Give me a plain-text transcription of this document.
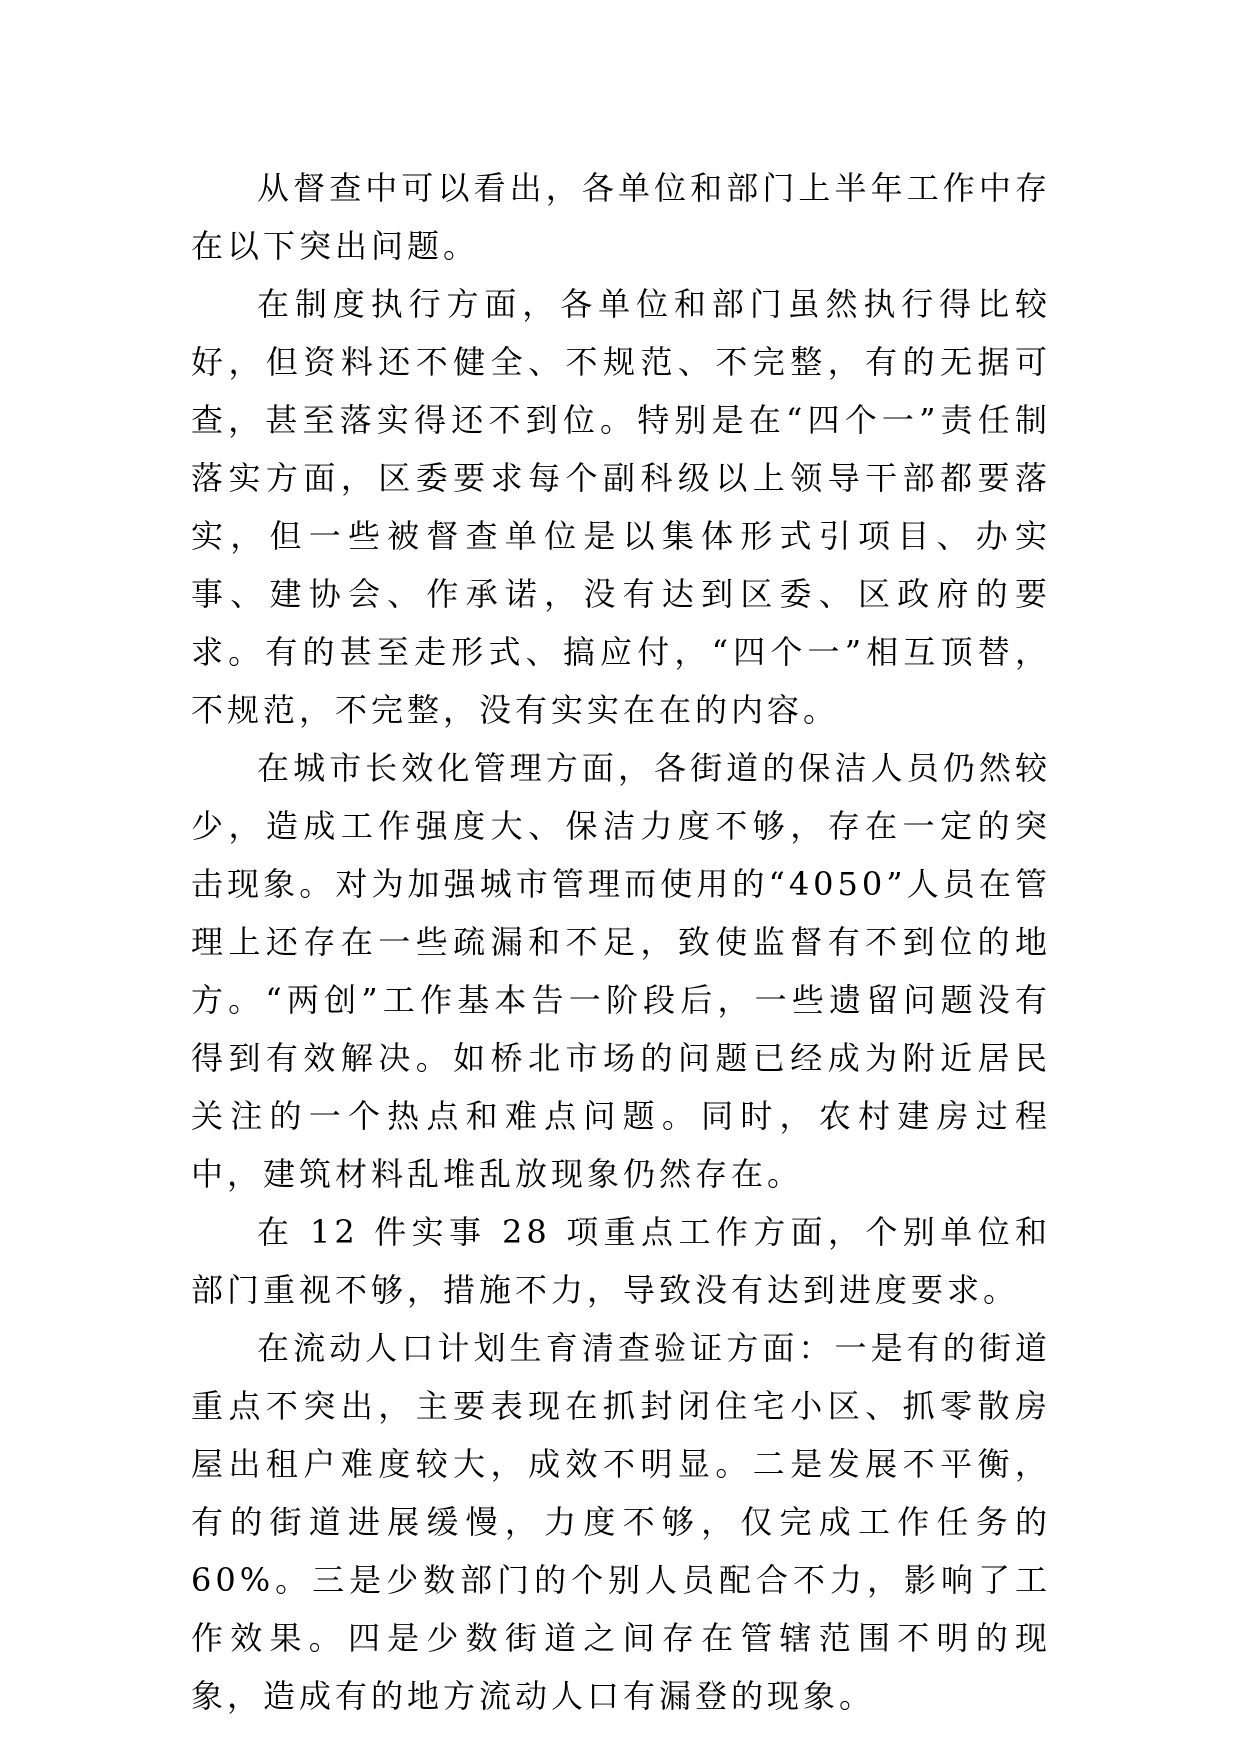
从督查中可以看出，各单位和部门上半年工作中存在以下突出问题。

在制度执行方面，各单位和部门虽然执行得比较好，但资料还不健全、不规范、不完整，有的无据可查，甚至落实得还不到位。特别是在“四个一”责任制落实方面，区委要求每个副科级以上领导干部都要落实，但一些被督查单位是以集体形式引项目、办实事、建协会、作承诺，没有达到区委、区政府的要求。有的甚至走形式、搞应付，“四个一”相互顶替，不规范，不完整，没有实实在在的内容。

在城市长效化管理方面，各街道的保洁人员仍然较少，造成工作强度大、保洁力度不够，存在一定的突击现象。对为加强城市管理而使用的“4050”人员在管理上还存在一些疏漏和不足，致使监督有不到位的地方。“两创”工作基本告一阶段后，一些遗留问题没有得到有效解决。如桥北市场的问题已经成为附近居民关注的一个热点和难点问题。同时，农村建房过程中，建筑材料乱堆乱放现象仍然存在。

在 12 件实事 28 项重点工作方面，个别单位和部门重视不够，措施不力，导致没有达到进度要求。

在流动人口计划生育清查验证方面：一是有的街道重点不突出，主要表现在抓封闭住宅小区、抓零散房屋出租户难度较大，成效不明显。二是发展不平衡，有的街道进展缓慢，力度不够，仅完成工作任务的 60%。三是少数部门的个别人员配合不力，影响了工作效果。四是少数街道之间存在管辖范围不明的现象，造成有的地方流动人口有漏登的现象。
